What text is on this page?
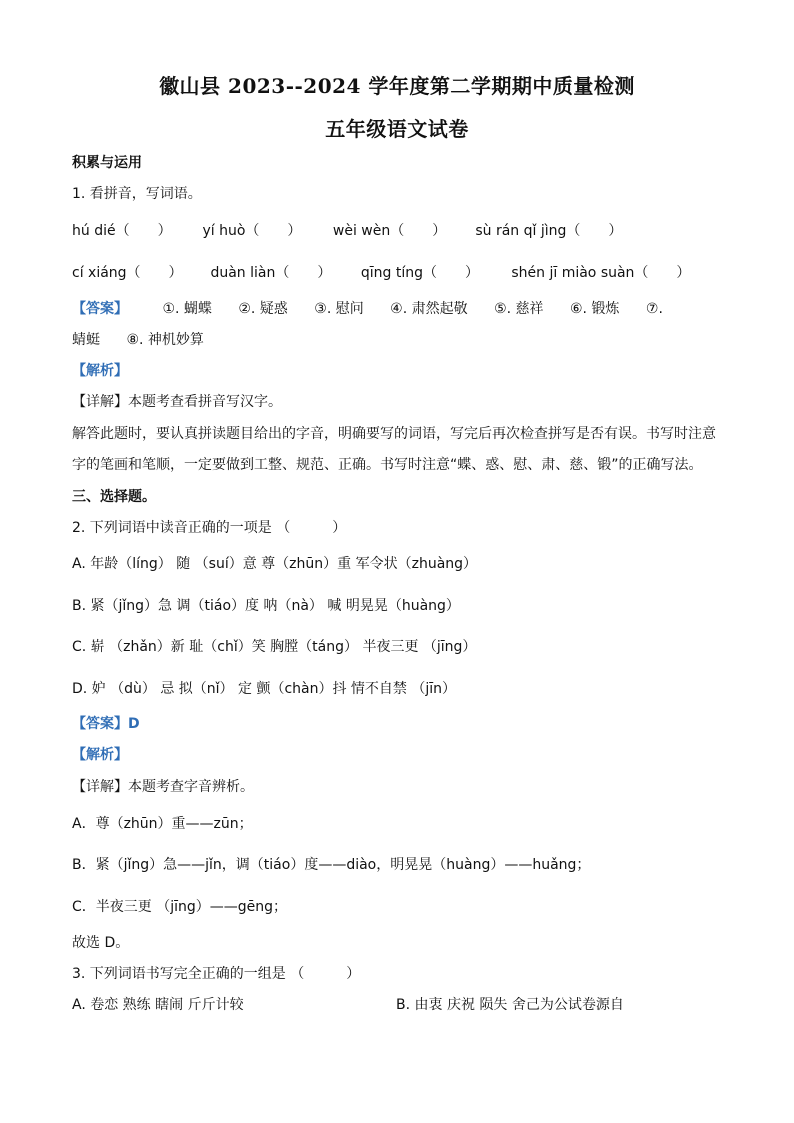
徽山县 2023--2024 学年度第二学期期中质量检测
五年级语文试卷
积累与运用
1. 看拼音，写词语。
hú dié（　　） yí huò（　　） wèi wèn（　　） sù rán qǐ jìng（　　）
cí xiáng（　　） duàn liàn（　　） qīng tíng（　　） shén jī miào suàn（　　）
【答案】 ①. 蝴蝶 ②. 疑惑 ③. 慰问 ④. 肃然起敬 ⑤. 慈祥 ⑥. 锻炼 ⑦.
蜻蜓 ⑧. 神机妙算
【解析】
【详解】本题考查看拼音写汉字。
解答此题时，要认真拼读题目给出的字音，明确要写的词语，写完后再次检查拼写是否有误。书写时注意
字的笔画和笔顺，一定要做到工整、规范、正确。书写时注意“蝶、惑、慰、肃、慈、锻”的正确写法。
三、选择题。
2. 下列词语中读音正确的一项是 （　　　）
A. 年龄（líng） 随 （suí）意 尊（zhūn）重 军令状（zhuàng）
B. 紧（jǐng）急 调（tiáo）度 呐（nà） 喊 明晃晃（huàng）
C. 崭 （zhǎn）新 耻（chǐ）笑 胸膛（táng） 半夜三更 （jīng）
D. 妒 （dù） 忌 拟（nǐ） 定 颤（chàn）抖 情不自禁 （jīn）
【答案】D
【解析】
【详解】本题考查字音辨析。
A．尊（zhūn）重——zūn；
B．紧（jǐng）急——jǐn，调（tiáo）度——diào，明晃晃（huàng）——huǎng；
C．半夜三更 （jīng）——gēng；
故选 D。
3. 下列词语书写完全正确的一组是 （　　　）
A. 卷恋 熟练 瞎闹 斤斤计较	B. 由衷 庆祝 陨失 舍己为公试卷源自
